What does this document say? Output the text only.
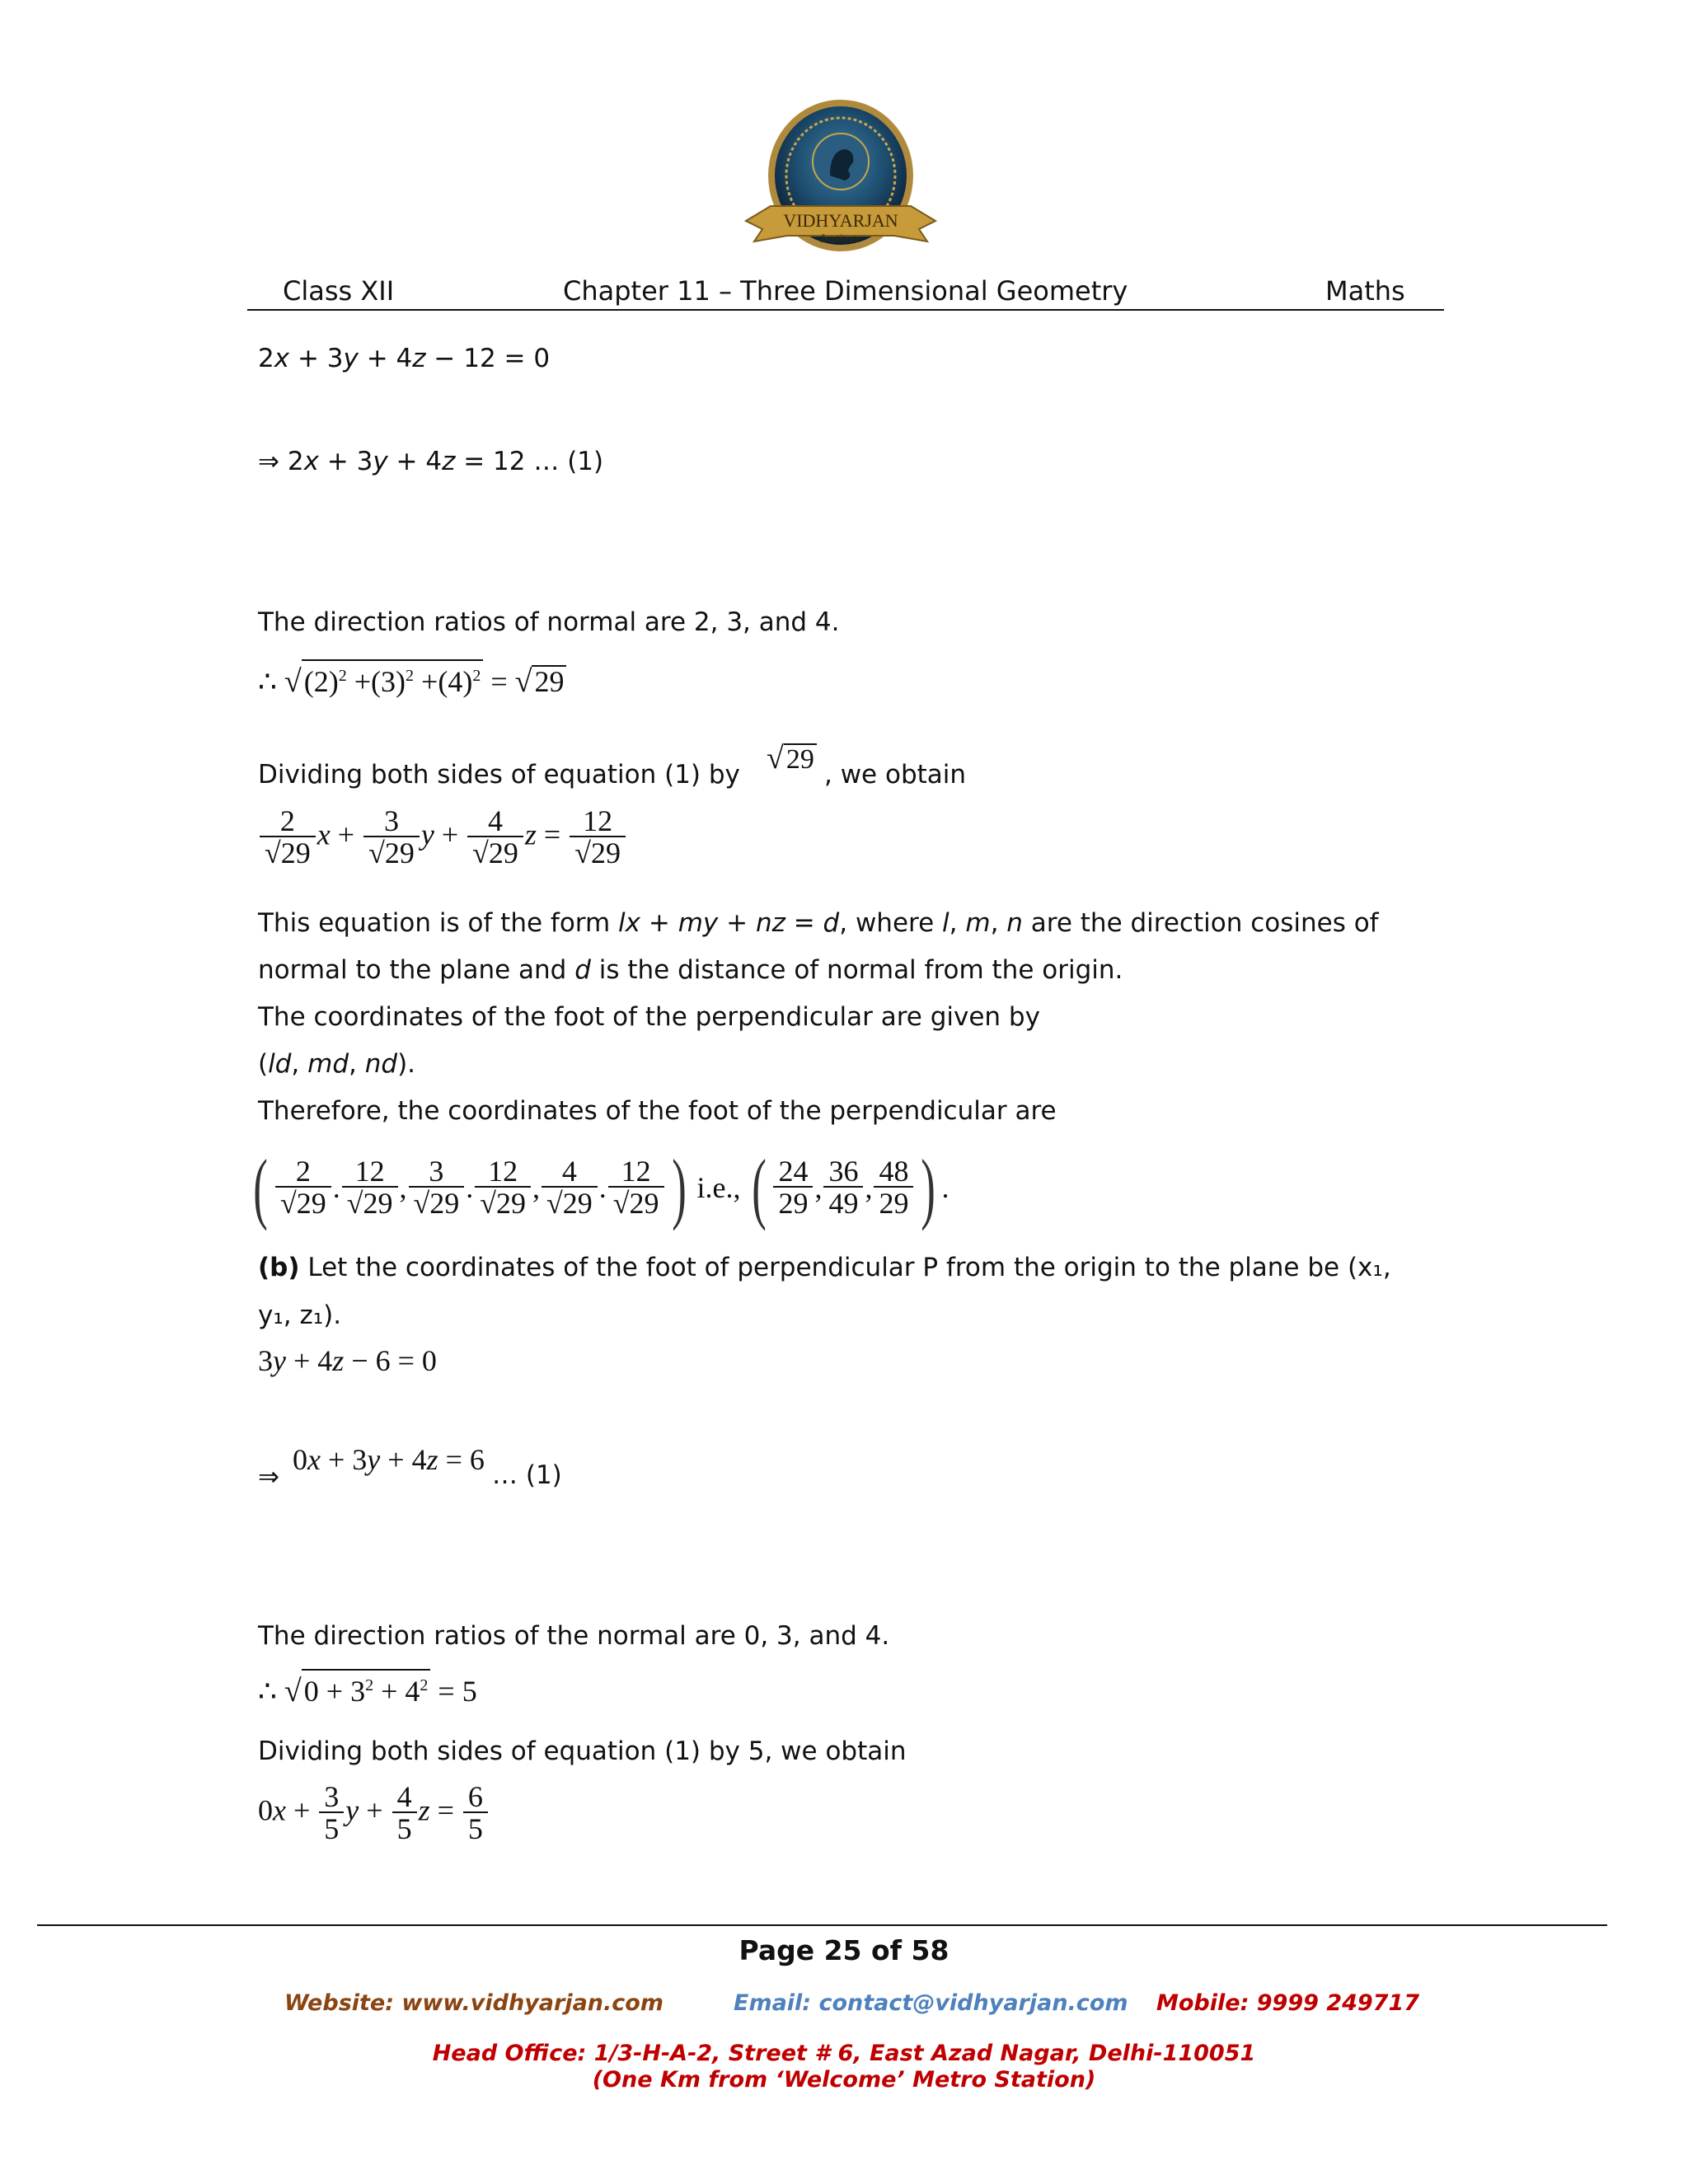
VIDHYARJAN
Institute
Class XII	Chapter 11 – Three Dimensional Geometry	Maths
2x + 3y + 4z − 12 = 0
⇒ 2x + 3y + 4z = 12 … (1)
The direction ratios of normal are 2, 3, and 4.
∴ $√(2)^2 +(3)^2 +(4)^2 = √29$
Dividing both sides of equation (1) by √29 , we obtain
$\frac{2}{√29}$ $x + \frac{3}{√29}$ $y + \frac{4}{√29}$ $z = \frac{12}{√29}$
This equation is of the form lx + my + nz = d, where l, m, n are the direction cosines of
normal to the plane and d is the distance of normal from the origin.
The coordinates of the foot of the perpendicular are given by
(ld, md, nd).
Therefore, the coordinates of the foot of the perpendicular are
( $\frac{2}{√29}$ . $\frac{12}{√29}$ , $\frac{3}{√29}$ . $\frac{12}{√29}$ , $\frac{4}{√29}$ . $\frac{12}{√29}$ ) i.e., ( $\frac{24}{29}$ , $\frac{36}{49}$ , $\frac{48}{29}$ ) .
(b) Let the coordinates of the foot of perpendicular P from the origin to the plane be (x₁,
y₁, z₁).
3y + 4z − 6 = 0
⇒
0x + 3y + 4z = 6 … (1)
The direction ratios of the normal are 0, 3, and 4.
∴ $√0 + 3^2 + 4^2 = 5$
Dividing both sides of equation (1) by 5, we obtain
$0x + \frac{3}{5}$ $y + \frac{4}{5}$ $z = \frac{6}{5}$
Page 25 of 58
Website: www.vidhyarjan.com	Email: contact@vidhyarjan.com Mobile: 9999 249717
Head Office: 1/3-H-A-2, Street # 6, East Azad Nagar, Delhi-110051
(One Km from ‘Welcome’ Metro Station)
